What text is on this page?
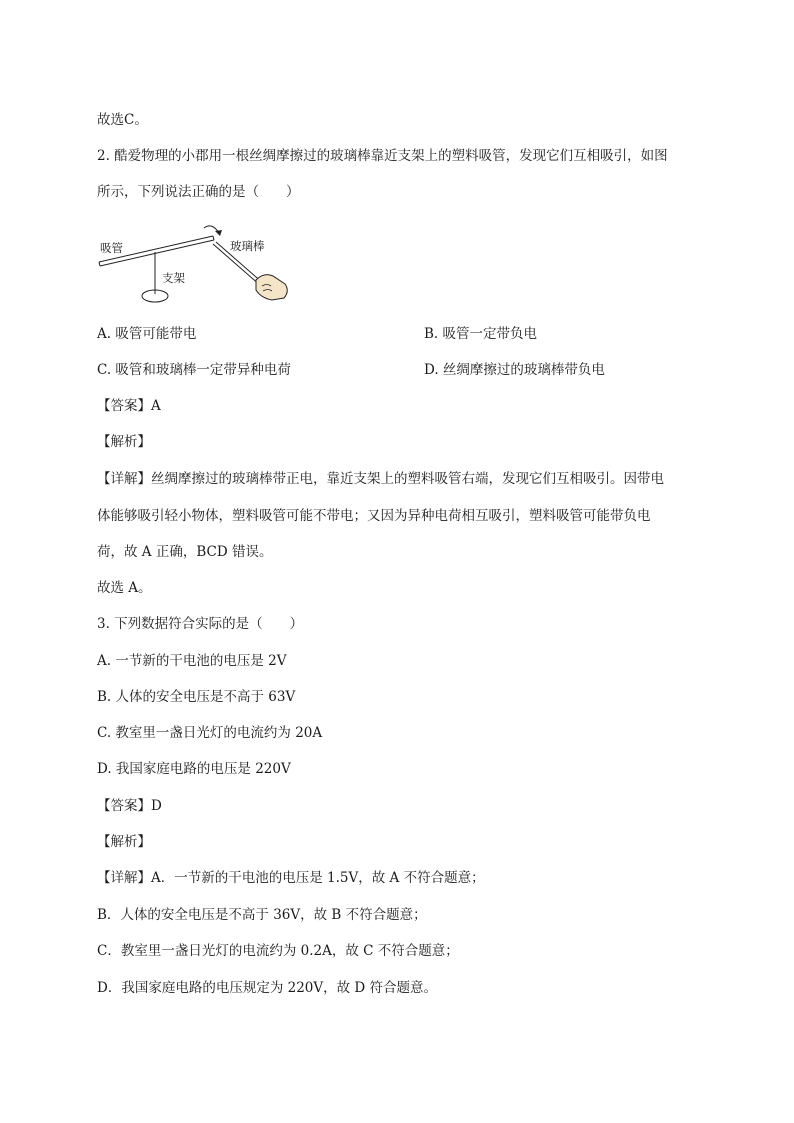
故选C。
2. 酷爱物理的小郡用一根丝绸摩擦过的玻璃棒靠近支架上的塑料吸管，发现它们互相吸引，如图
所示，下列说法正确的是（　　）
吸管	玻璃棒
支架
A. 吸管可能带电	B. 吸管一定带负电
C. 吸管和玻璃棒一定带异种电荷	D. 丝绸摩擦过的玻璃棒带负电
【答案】A
【解析】
【详解】丝绸摩擦过的玻璃棒带正电，靠近支架上的塑料吸管右端，发现它们互相吸引。因带电
体能够吸引轻小物体，塑料吸管可能不带电；又因为异种电荷相互吸引，塑料吸管可能带负电
荷，故 A 正确，BCD 错误。
故选 A。
3. 下列数据符合实际的是（　　）
A. 一节新的干电池的电压是 2V
B. 人体的安全电压是不高于 63V
C. 教室里一盏日光灯的电流约为 20A
D. 我国家庭电路的电压是 220V
【答案】D
【解析】
【详解】A．一节新的干电池的电压是 1.5V，故 A 不符合题意；
B．人体的安全电压是不高于 36V，故 B 不符合题意；
C．教室里一盏日光灯的电流约为 0.2A，故 C 不符合题意；
D．我国家庭电路的电压规定为 220V，故 D 符合题意。
